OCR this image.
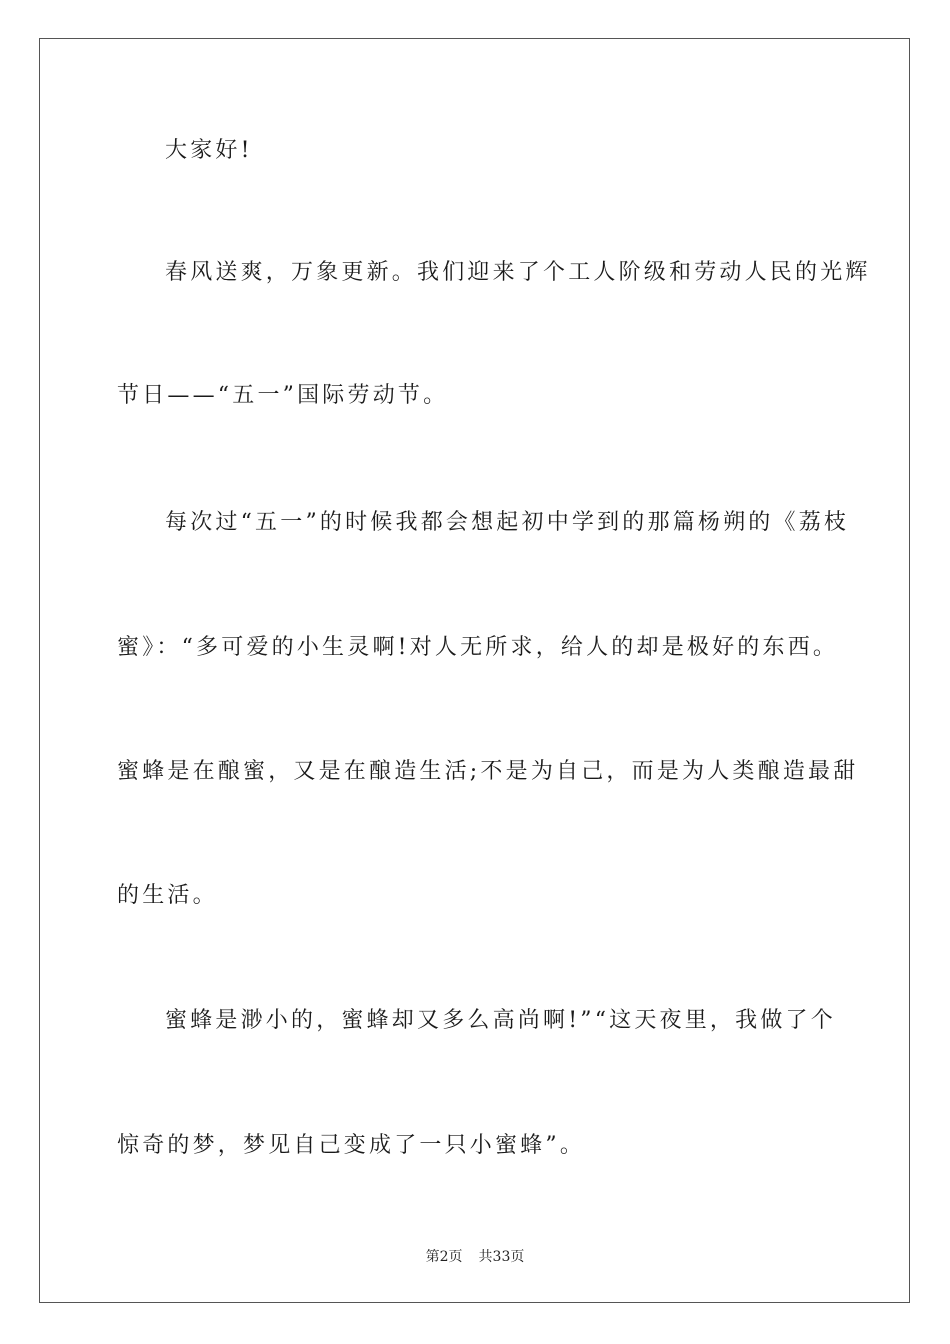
大家好!

春风送爽，万象更新。我们迎来了个工人阶级和劳动人民的光辉

节日——“五一”国际劳动节。

每次过“五一”的时候我都会想起初中学到的那篇杨朔的《荔枝

蜜》：“多可爱的小生灵啊!对人无所求，给人的却是极好的东西。

蜜蜂是在酿蜜，又是在酿造生活;不是为自己，而是为人类酿造最甜

的生活。

蜜蜂是渺小的，蜜蜂却又多么高尚啊!”“这天夜里，我做了个

惊奇的梦，梦见自己变成了一只小蜜蜂”。

第2页 共33页
